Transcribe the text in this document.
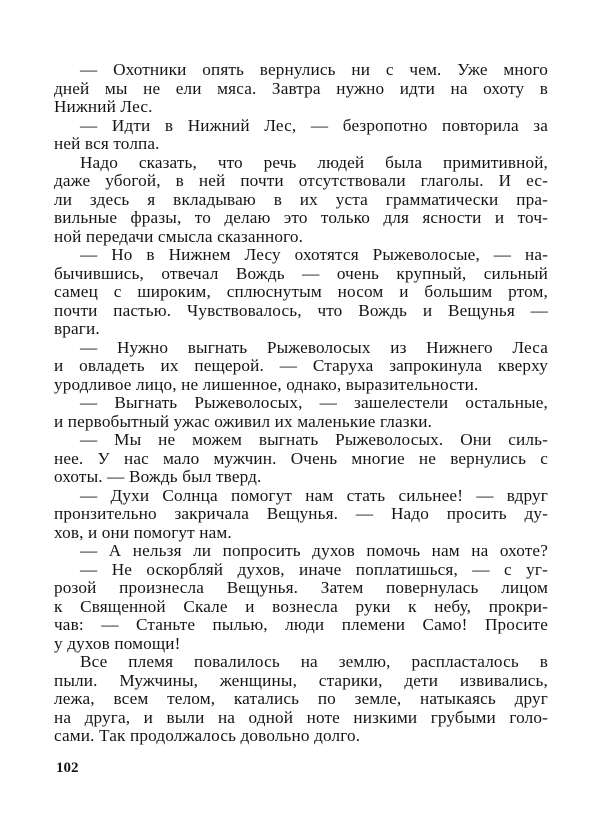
— Охотники опять вернулись ни с чем. Уже много
дней мы не ели мяса. Завтра нужно идти на охоту в
Нижний Лес.
— Идти в Нижний Лес, — безропотно повторила за
ней вся толпа.
Надо сказать, что речь людей была примитивной,
даже убогой, в ней почти отсутствовали глаголы. И ес-
ли здесь я вкладываю в их уста грамматически пра-
вильные фразы, то делаю это только для ясности и точ-
ной передачи смысла сказанного.
— Но в Нижнем Лесу охотятся Рыжеволосые, — на-
бычившись, отвечал Вождь — очень крупный, сильный
самец с широким, сплюснутым носом и большим ртом,
почти пастью. Чувствовалось, что Вождь и Вещунья —
враги.
— Нужно выгнать Рыжеволосых из Нижнего Леса
и овладеть их пещерой. — Старуха запрокинула кверху
уродливое лицо, не лишенное, однако, выразительности.
— Выгнать Рыжеволосых, — зашелестели остальные,
и первобытный ужас оживил их маленькие глазки.
— Мы не можем выгнать Рыжеволосых. Они силь-
нее. У нас мало мужчин. Очень многие не вернулись с
охоты. — Вождь был тверд.
— Духи Солнца помогут нам стать сильнее! — вдруг
пронзительно закричала Вещунья. — Надо просить ду-
хов, и они помогут нам.
— А нельзя ли попросить духов помочь нам на охоте?
— Не оскорбляй духов, иначе поплатишься, — с уг-
розой произнесла Вещунья. Затем повернулась лицом
к Священной Скале и вознесла руки к небу, прокри-
чав: — Станьте пылью, люди племени Само! Просите
у духов помощи!
Все племя повалилось на землю, распласталось в
пыли. Мужчины, женщины, старики, дети извивались,
лежа, всем телом, катались по земле, натыкаясь друг
на друга, и выли на одной ноте низкими грубыми голо-
сами. Так продолжалось довольно долго.
102
